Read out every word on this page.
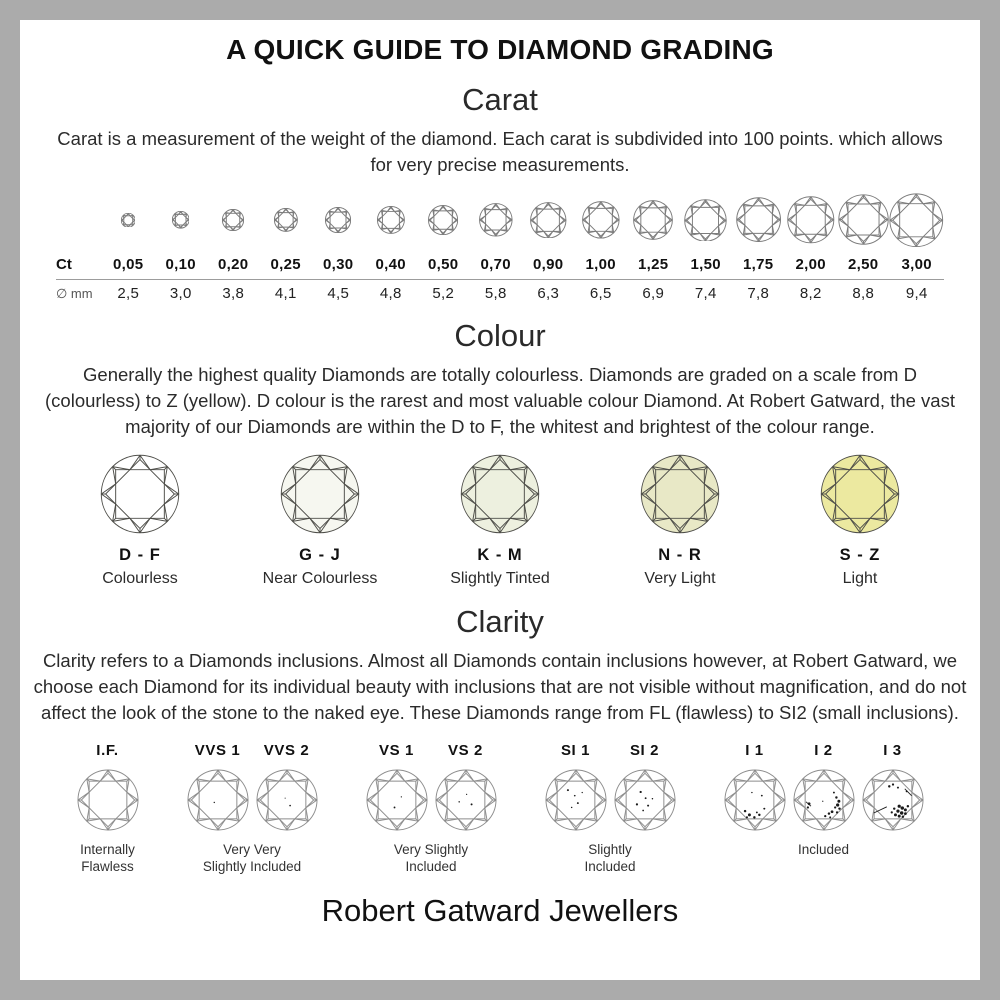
A QUICK GUIDE TO DIAMOND GRADING
Carat

Carat is a measurement of the weight of the diamond. Each carat is subdivided into 100 points. which allows for very precise measurements.

Ct	0,05	0,10	0,20	0,25	0,30	0,40	0,50	0,70	0,90	1,00	1,25	1,50	1,75	2,00	2,50	3,00
∅ mm	2,5	3,0	3,8	4,1	4,5	4,8	5,2	5,8	6,3	6,5	6,9	7,4	7,8	8,2	8,8	9,4
Colour

Generally the highest quality Diamonds are totally colourless. Diamonds are graded on a scale from D (colourless) to Z (yellow). D colour is the rarest and most valuable colour Diamond. At Robert Gatward, the vast majority of our Diamonds are within the D to F, the whitest and brightest of the colour range.

D - F
Colourless
G - J
Near Colourless
K - M
Slightly Tinted
N - R
Very Light
S - Z
Light
Clarity

Clarity refers to a Diamonds inclusions. Almost all Diamonds contain inclusions however, at Robert Gatward, we choose each Diamond for its individual beauty with inclusions that are not visible without magnification, and do not affect the look of the stone to the naked eye. These Diamonds range from FL (flawless) to SI2 (small inclusions).

I.F.
Internally
Flawless
VVS 1 VVS 2
Very Very
Slightly Included
VS 1 VS 2
Very Slightly
Included
SI 1	SI 2
Slightly
Included
I 1	I 2	I 3
Included
Robert Gatward Jewellers
